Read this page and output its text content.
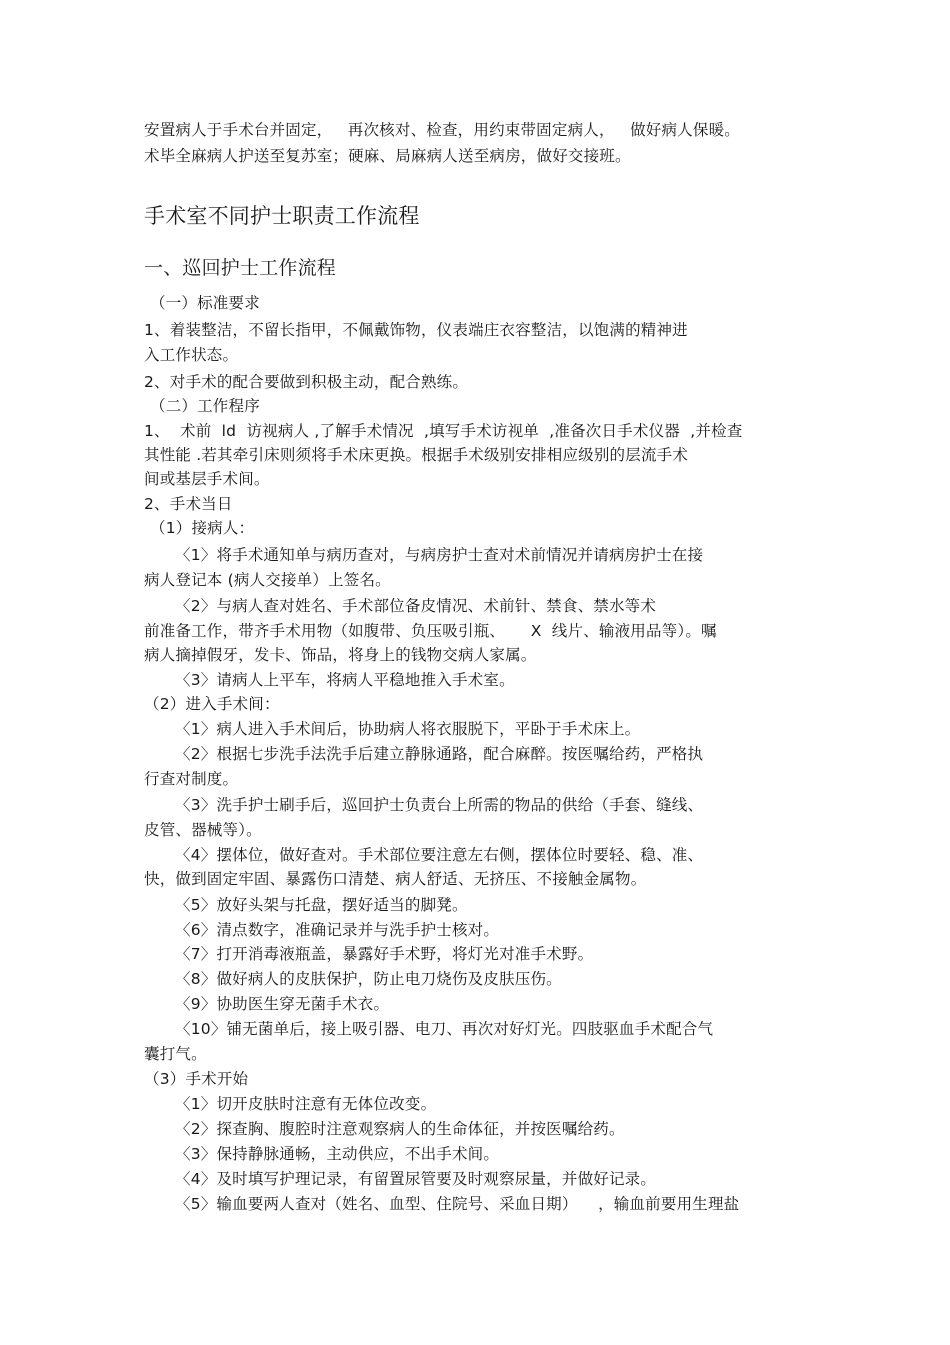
安置病人于手术台并固定，   再次核对、检查，用约束带固定病人，   做好病人保暖。
术毕全麻病人护送至复苏室；硬麻、局麻病人送至病房，做好交接班。
手术室不同护士职责工作流程
一、巡回护士工作流程
（一）标准要求
1、着装整洁，不留长指甲，不佩戴饰物，仪表端庄衣容整洁，以饱满的精神进
入工作状态。
2、对手术的配合要做到积极主动，配合熟练。
（二）工作程序
1、  术前  ld  访视病人 ,了解手术情况  ,填写手术访视单  ,准备次日手术仪器  ,并检查
其性能 .若其牵引床则须将手术床更换。根据手术级别安排相应级别的层流手术
间或基层手术间。
2、手术当日
（1）接病人：
〈1〉将手术通知单与病历查对，与病房护士查对术前情况并请病房护士在接
病人登记本 (病人交接单）上签名。
〈2〉与病人查对姓名、手术部位备皮情况、术前针、禁食、禁水等术
前准备工作，带齐手术用物（如腹带、负压吸引瓶、     X  线片、输液用品等）。嘱
病人摘掉假牙，发卡、饰品，将身上的钱物交病人家属。
〈3〉请病人上平车，将病人平稳地推入手术室。
（2）进入手术间：
〈1〉病人进入手术间后，协助病人将衣服脱下，平卧于手术床上。
〈2〉根据七步洗手法洗手后建立静脉通路，配合麻醉。按医嘱给药，严格执
行查对制度。
〈3〉洗手护士刷手后，巡回护士负责台上所需的物品的供给（手套、缝线、
皮管、器械等）。
〈4〉摆体位，做好查对。手术部位要注意左右侧，摆体位时要轻、稳、准、
快，做到固定牢固、暴露伤口清楚、病人舒适、无挤压、不接触金属物。
〈5〉放好头架与托盘，摆好适当的脚凳。
〈6〉清点数字，准确记录并与洗手护士核对。
〈7〉打开消毒液瓶盖，暴露好手术野，将灯光对准手术野。
〈8〉做好病人的皮肤保护，防止电刀烧伤及皮肤压伤。
〈9〉协助医生穿无菌手术衣。
〈10〉铺无菌单后，接上吸引器、电刀、再次对好灯光。四肢驱血手术配合气
囊打气。
（3）手术开始
〈1〉切开皮肤时注意有无体位改变。
〈2〉探查胸、腹腔时注意观察病人的生命体征，并按医嘱给药。
〈3〉保持静脉通畅，主动供应，不出手术间。
〈4〉及时填写护理记录，有留置尿管要及时观察尿量，并做好记录。
〈5〉输血要两人查对（姓名、血型、住院号、采血日期）    ，输血前要用生理盐
